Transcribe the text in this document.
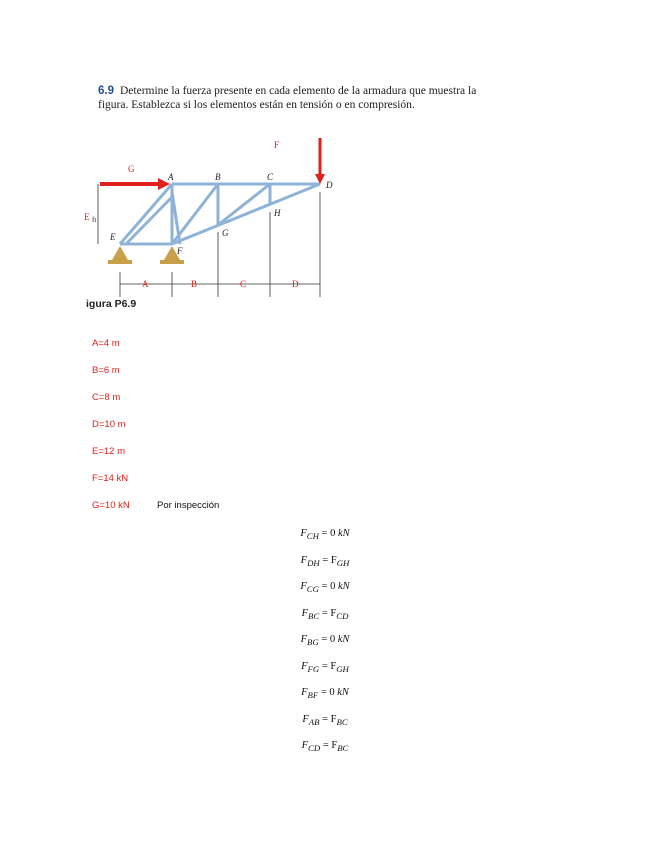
6.9 Determine la fuerza presente en cada elemento de la armadura que muestra la figura. Establezca si los elementos están en tensión o en compresión.
G
F
A	B	C
D
E
F
G
H
E ft
A	B	C	D
igura P6.9
A=4 m
B=6 m
C=8 m
D=10 m
E=12 m
F=14 kN
G=10 kN	Por inspección
$F_{CH} = 0$ kN
$F_{DH} = F_{GH}$
$F_{CG} = 0$ kN
$F_{BC} = F_{CD}$
$F_{BG} = 0$ kN
$F_{FG} = F_{GH}$
$F_{BF} = 0$ kN
$F_{AB} = F_{BC}$
$F_{CD} = F_{BC}$
